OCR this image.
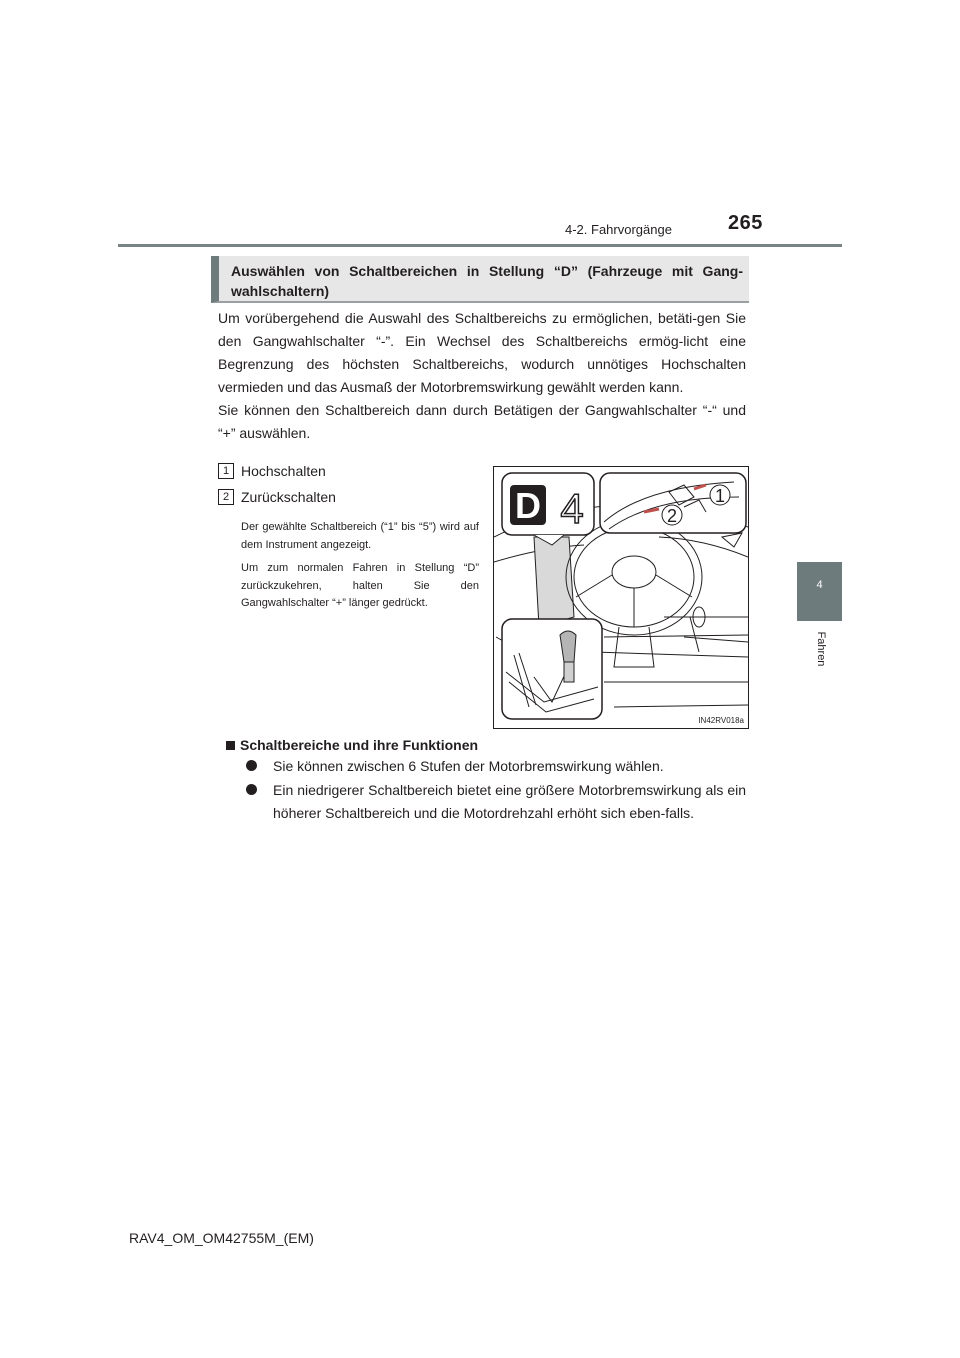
265
4-2. Fahrvorgänge
4
Fahren
Auswählen von Schaltbereichen in Stellung “D” (Fahrzeuge mit Gang-wahlschaltern)

Um vorübergehend die Auswahl des Schaltbereichs zu ermöglichen, betäti-gen Sie den Gangwahlschalter “-”. Ein Wechsel des Schaltbereichs ermög-licht eine Begrenzung des höchsten Schaltbereichs, wodurch unnötiges Hochschalten vermieden und das Ausmaß der Motorbremswirkung gewählt werden kann.

Sie können den Schaltbereich dann durch Betätigen der Gangwahlschalter “-“ und “+” auswählen.

1 Hochschalten
2 Zurückschalten

Der gewählte Schaltbereich (“1” bis “5”) wird auf dem Instrument angezeigt.

Um zum normalen Fahren in Stellung “D” zurückzukehren, halten Sie den Gangwahlschalter “+” länger gedrückt.

D 4	1
2
IN42RV018a
Schaltbereiche und ihre Funktionen
Sie können zwischen 6 Stufen der Motorbremswirkung wählen.
Ein niedrigerer Schaltbereich bietet eine größere Motorbremswirkung als ein höherer Schaltbereich und die Motordrehzahl erhöht sich eben-falls.
RAV4_OM_OM42755M_(EM)
